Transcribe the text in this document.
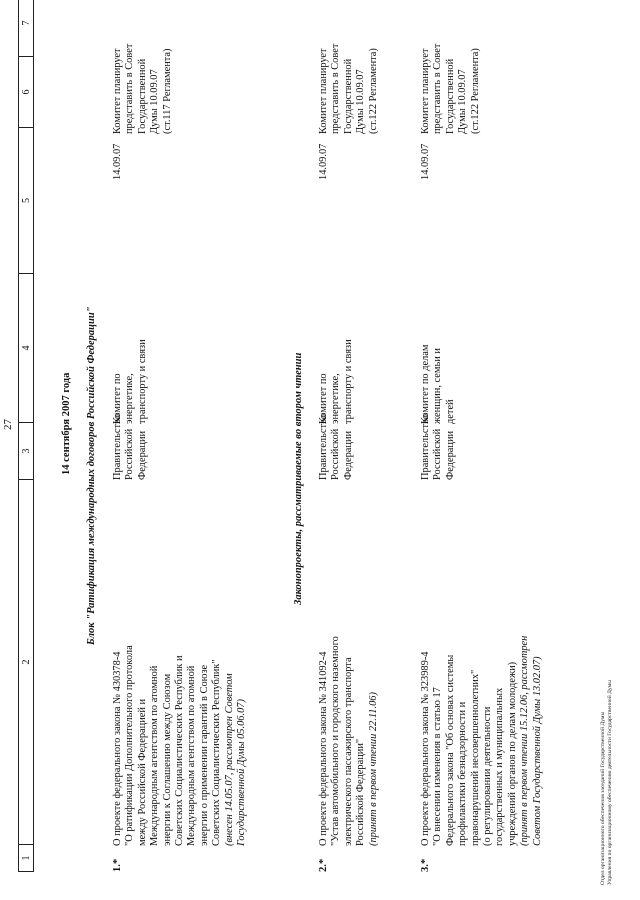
27
1
2
3
4
5
6
7
14 сентября 2007 года Блок "Ратификация международных договоров Российской Федерации"
1.*
О проекте федерального закона № 430378-4 "О ратификации Дополнительного протокола между Российской Федерацией и Международным агентством по атомной энергии к Соглашению между Союзом Советских Социалистических Республик и Международным агентством по атомной энергии о применении гарантий в Союзе Советских Социалистических Республик" (внесен 14.05.07, рассмотрен Советом Государственной Думы 05.06.07)
Правительство Российской Федерации
Комитет по энергетике, транспорту и связи
14.09.07
Комитет планирует представить в Совет Государственной Думы 10.09.07 (ст.117 Регламента)
Законопроекты, рассматриваемые во втором чтении
2.*
О проекте федерального закона № 341092-4 "Устав автомобильного и городского наземного электрического пассажирского транспорта Российской Федерации" (принят в первом чтении 22.11.06)
Правительство Российской Федерации
Комитет по энергетике, транспорту и связи
14.09.07
Комитет планирует представить в Совет Государственной Думы 10.09.07 (ст.122 Регламента)
3.*
О проекте федерального закона № 323989-4 "О внесении изменения в статью 17 Федерального закона "Об основах системы профилактики безнадзорности и правонарушений несовершеннолетних" (о регулировании деятельности государственных и муниципальных учреждений органов по делам молодежи) (принят в первом чтении 15.12.06, рассмотрен Советом Государственной Думы 13.02.07)
Правительство Российской Федерации
Комитет по делам женщин, семьи и детей
14.09.07
Комитет планирует представить в Совет Государственной Думы 10.09.07 (ст.122 Регламента)
Отдел организационного обеспечения заседаний Государственной Думы Управления по организационному обеспечению деятельности Государственной Думы
